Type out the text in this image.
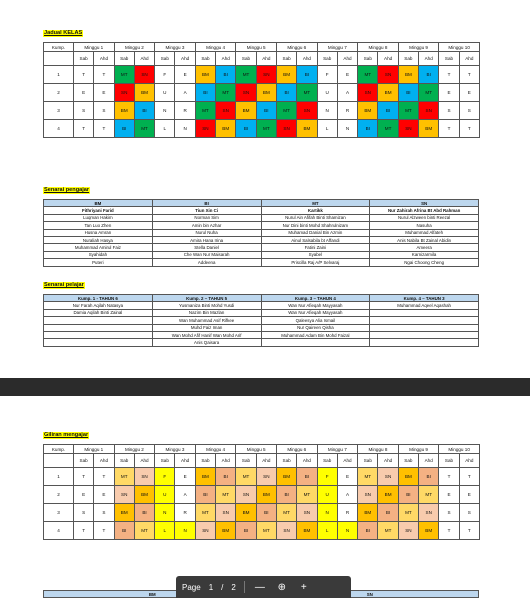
Jadual KELAS
Kump.	Minggu 1		Minggu 2		Minggu 3		Minggu 4		Minggu 5		Minggu 6		Minggu 7		Minggu 8		Minggu 9		Minggu 10	
	Sab	Ahd	Sab	Ahd	Sab	Ahd	Sab	Ahd	Sab	Ahd	Sab	Ahd	Sab	Ahd	Sab	Ahd	Sab	Ahd	Sab	Ahd
1	T	T	MT	SN	F	E	BM	BI	MT	SN	BM	BI	F	E	MT	SN	BM	BI	T	T
2	E	E	SN	BM	U	A	BI	MT	SN	BM	BI	MT	U	A	SN	BM	BI	MT	E	E
3	S	S	BM	BI	N	R	MT	SN	BM	BI	MT	SN	N	R	BM	BI	MT	SN	S	S
4	T	T	BI	MT	L	N	SN	BM	BI	MT	SN	BM	L	N	BI	MT	SN	BM	T	T
Senarai pengajar
BM	BI	MT	SN
Fithriyani Farid	Tiun Xin Ci	Kartikk	Nur Zahirah Afrina Bt Abd Rahman
Luqman Hakim	Norman Sim	Nurul Ain Afifah Binti Shamizan	Nurul Alzween binti Reezal
Tan Luo Zhen	Amin bin Azhar	Nur Dini binti Mohd Shahrulnizam	Nasuha
Husna Amran	Nurul Nuha	Muhamad Danial Bin Azmin	Muhammad Alfateh
Nuraliah Hasya	Amira Hana Irina	Ainul Salsabila bt Affandi	Anis Nabila Bt Zainal Abidin
Muhammad Amirul Faiz	Stella Daniel	Fatini Zaini	Ameera
Syahidah	Che Wan Nur Maisarah	Syabel	Karnizarmila
Puteri	Addeena	Priscilla Raj A/P Selvaraj	Ngai Choong Cheng
Senarai pelajar
Kump. 1 - TAHUN 6	Kump. 2 – TAHUN 5	Kump. 3 – TAHUN 4	Kump. 4 – TAHUN 3
Nur Farah Aqilah Natasya	Yusmaniza Binti Mohd Yusdi	Wan Nur Afieqah Mayyasah	Muhammad Aqeel Aqashah
Damia Aqilah Binti Zainal	Nazim Bin Mazlan	Wan Nur Afieqah Mayyasah	
	Wan Muhammad Asif Rifkee	Qaleesya Alia Ismail	
	Muhd Faiz Iman	Nur Qaireen Qisha	
	Wan Mohd Afif Hanif Wan Mohd Arif	Muhammad Adam Bin Mohd Faizal	
	Anis Qaisara		
Giliran mengajar
Kump.	Minggu 1		Minggu 2		Minggu 3		Minggu 4		Minggu 5		Minggu 6		Minggu 7		Minggu 8		Minggu 9		Minggu 10	
	Sab	Ahd	Sab	Ahd	Sab	Ahd	Sab	Ahd	Sab	Ahd	Sab	Ahd	Sab	Ahd	Sab	Ahd	Sab	Ahd	Sab	Ahd
1	T	T	MT	SN	F	E	BM	BI	MT	SN	BM	BI	F	E	MT	SN	BM	BI	T	T
2	E	E	SN	BM	U	A	BI	MT	SN	BM	BI	MT	U	A	SN	BM	BI	MT	E	E
3	S	S	BM	BI	N	R	MT	SN	BM	BI	MT	SN	N	R	BM	BI	MT	SN	S	S
4	T	T	BI	MT	L	N	SN	BM	BI	MT	SN	BM	L	N	BI	MT	SN	BM	T	T
BM	SN
Page 1 / 2 — ⊕	+
